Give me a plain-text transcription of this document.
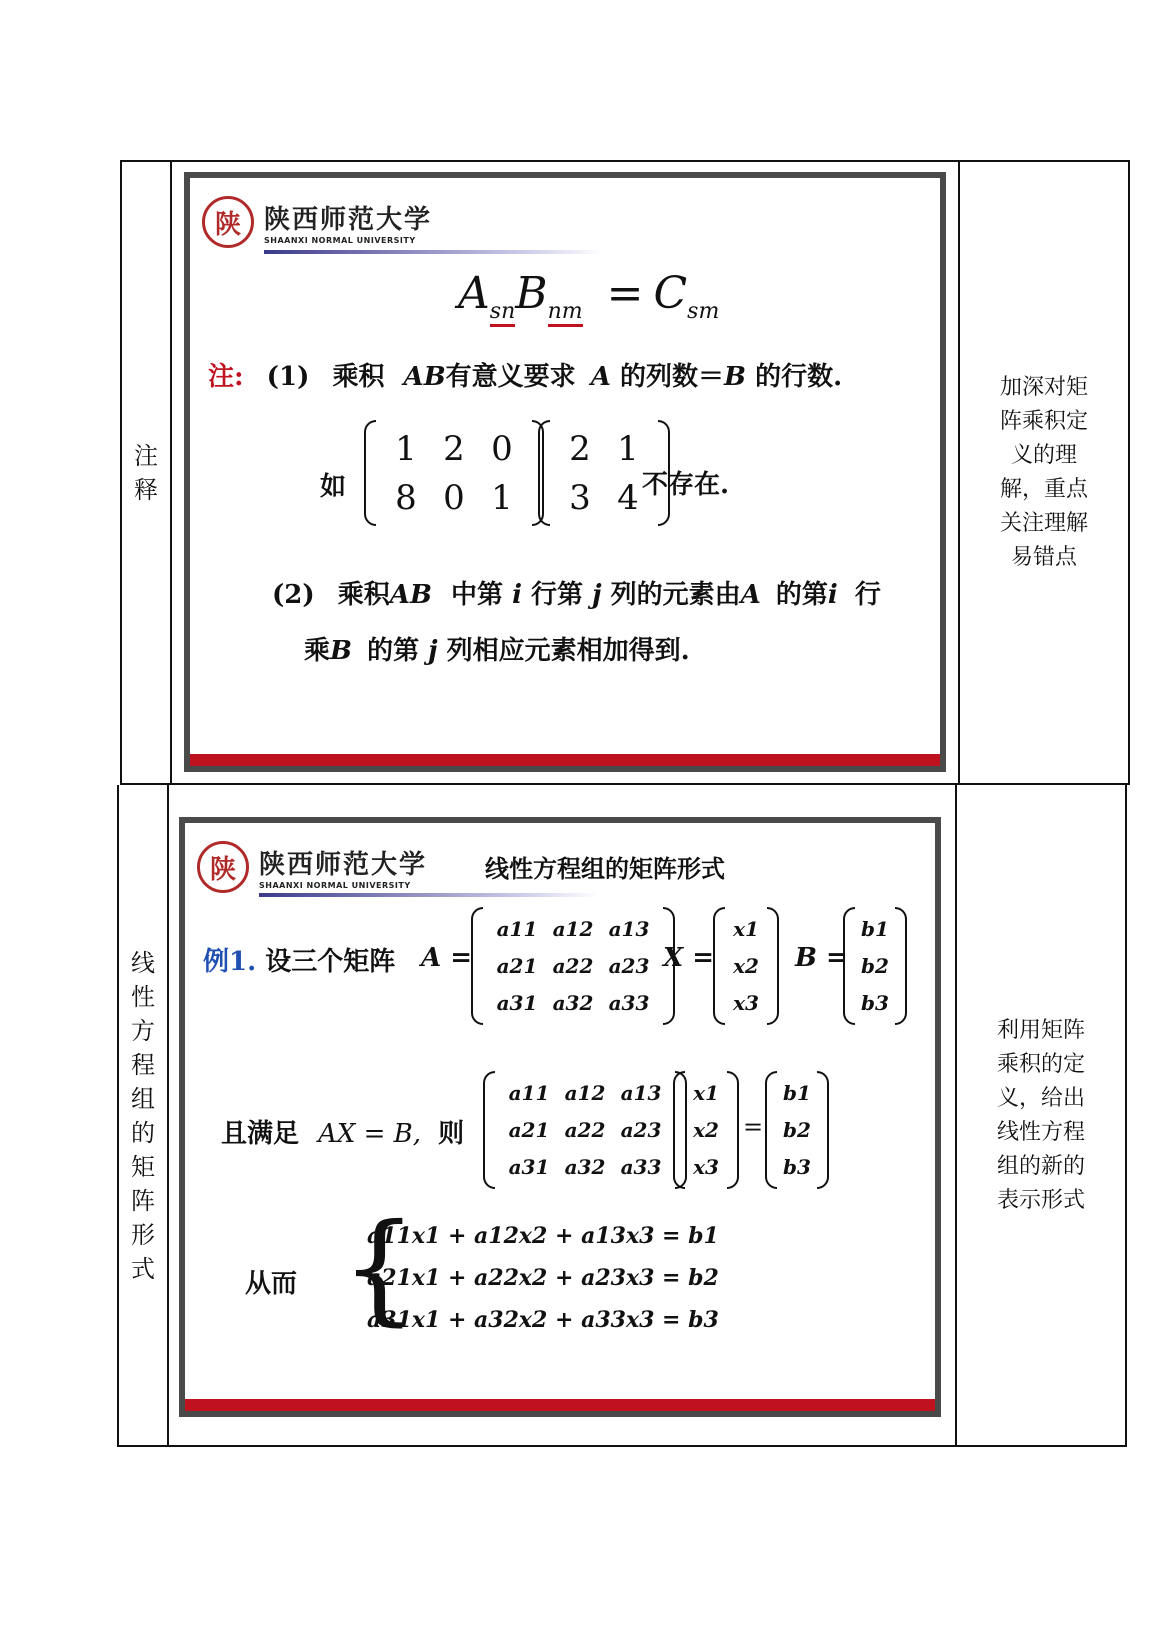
注释
陕 陕西师范大学
SHAANXI NORMAL UNIVERSITY
$A_{sn}B_{nm} = C_{sm}$
注: (1) 乘积 AB有意义要求 A 的列数＝B 的行数.
如
1 2 0
8 0 1
2 1
3 4 不存在.
(2) 乘积AB 中第 i 行第 j 列的元素由A 的第i 行
乘B 的第 j 列相应元素相加得到.
加深对矩阵乘积定义的理解，重点关注理解易错点
线性方程组的矩阵形式
陕 陕西师范大学
SHAANXI NORMAL UNIVERSITY
线性方程组的矩阵形式
例1. 设三个矩阵 A =
a11 a12 a13
a21 a22 a23
a31 a32 a33
X =
x1
x2
x3
B =
b1
b2
b3
且满足 AX = B, 则
a11 a12 a13
a21 a22 a23
a31 a32 a33
x1
x2
x3
=
b1
b2
b3
从而 {
a11x1 + a12x2 + a13x3 = b1
a21x1 + a22x2 + a23x3 = b2
a31x1 + a32x2 + a33x3 = b3
利用矩阵乘积的定义，给出线性方程组的新的表示形式
